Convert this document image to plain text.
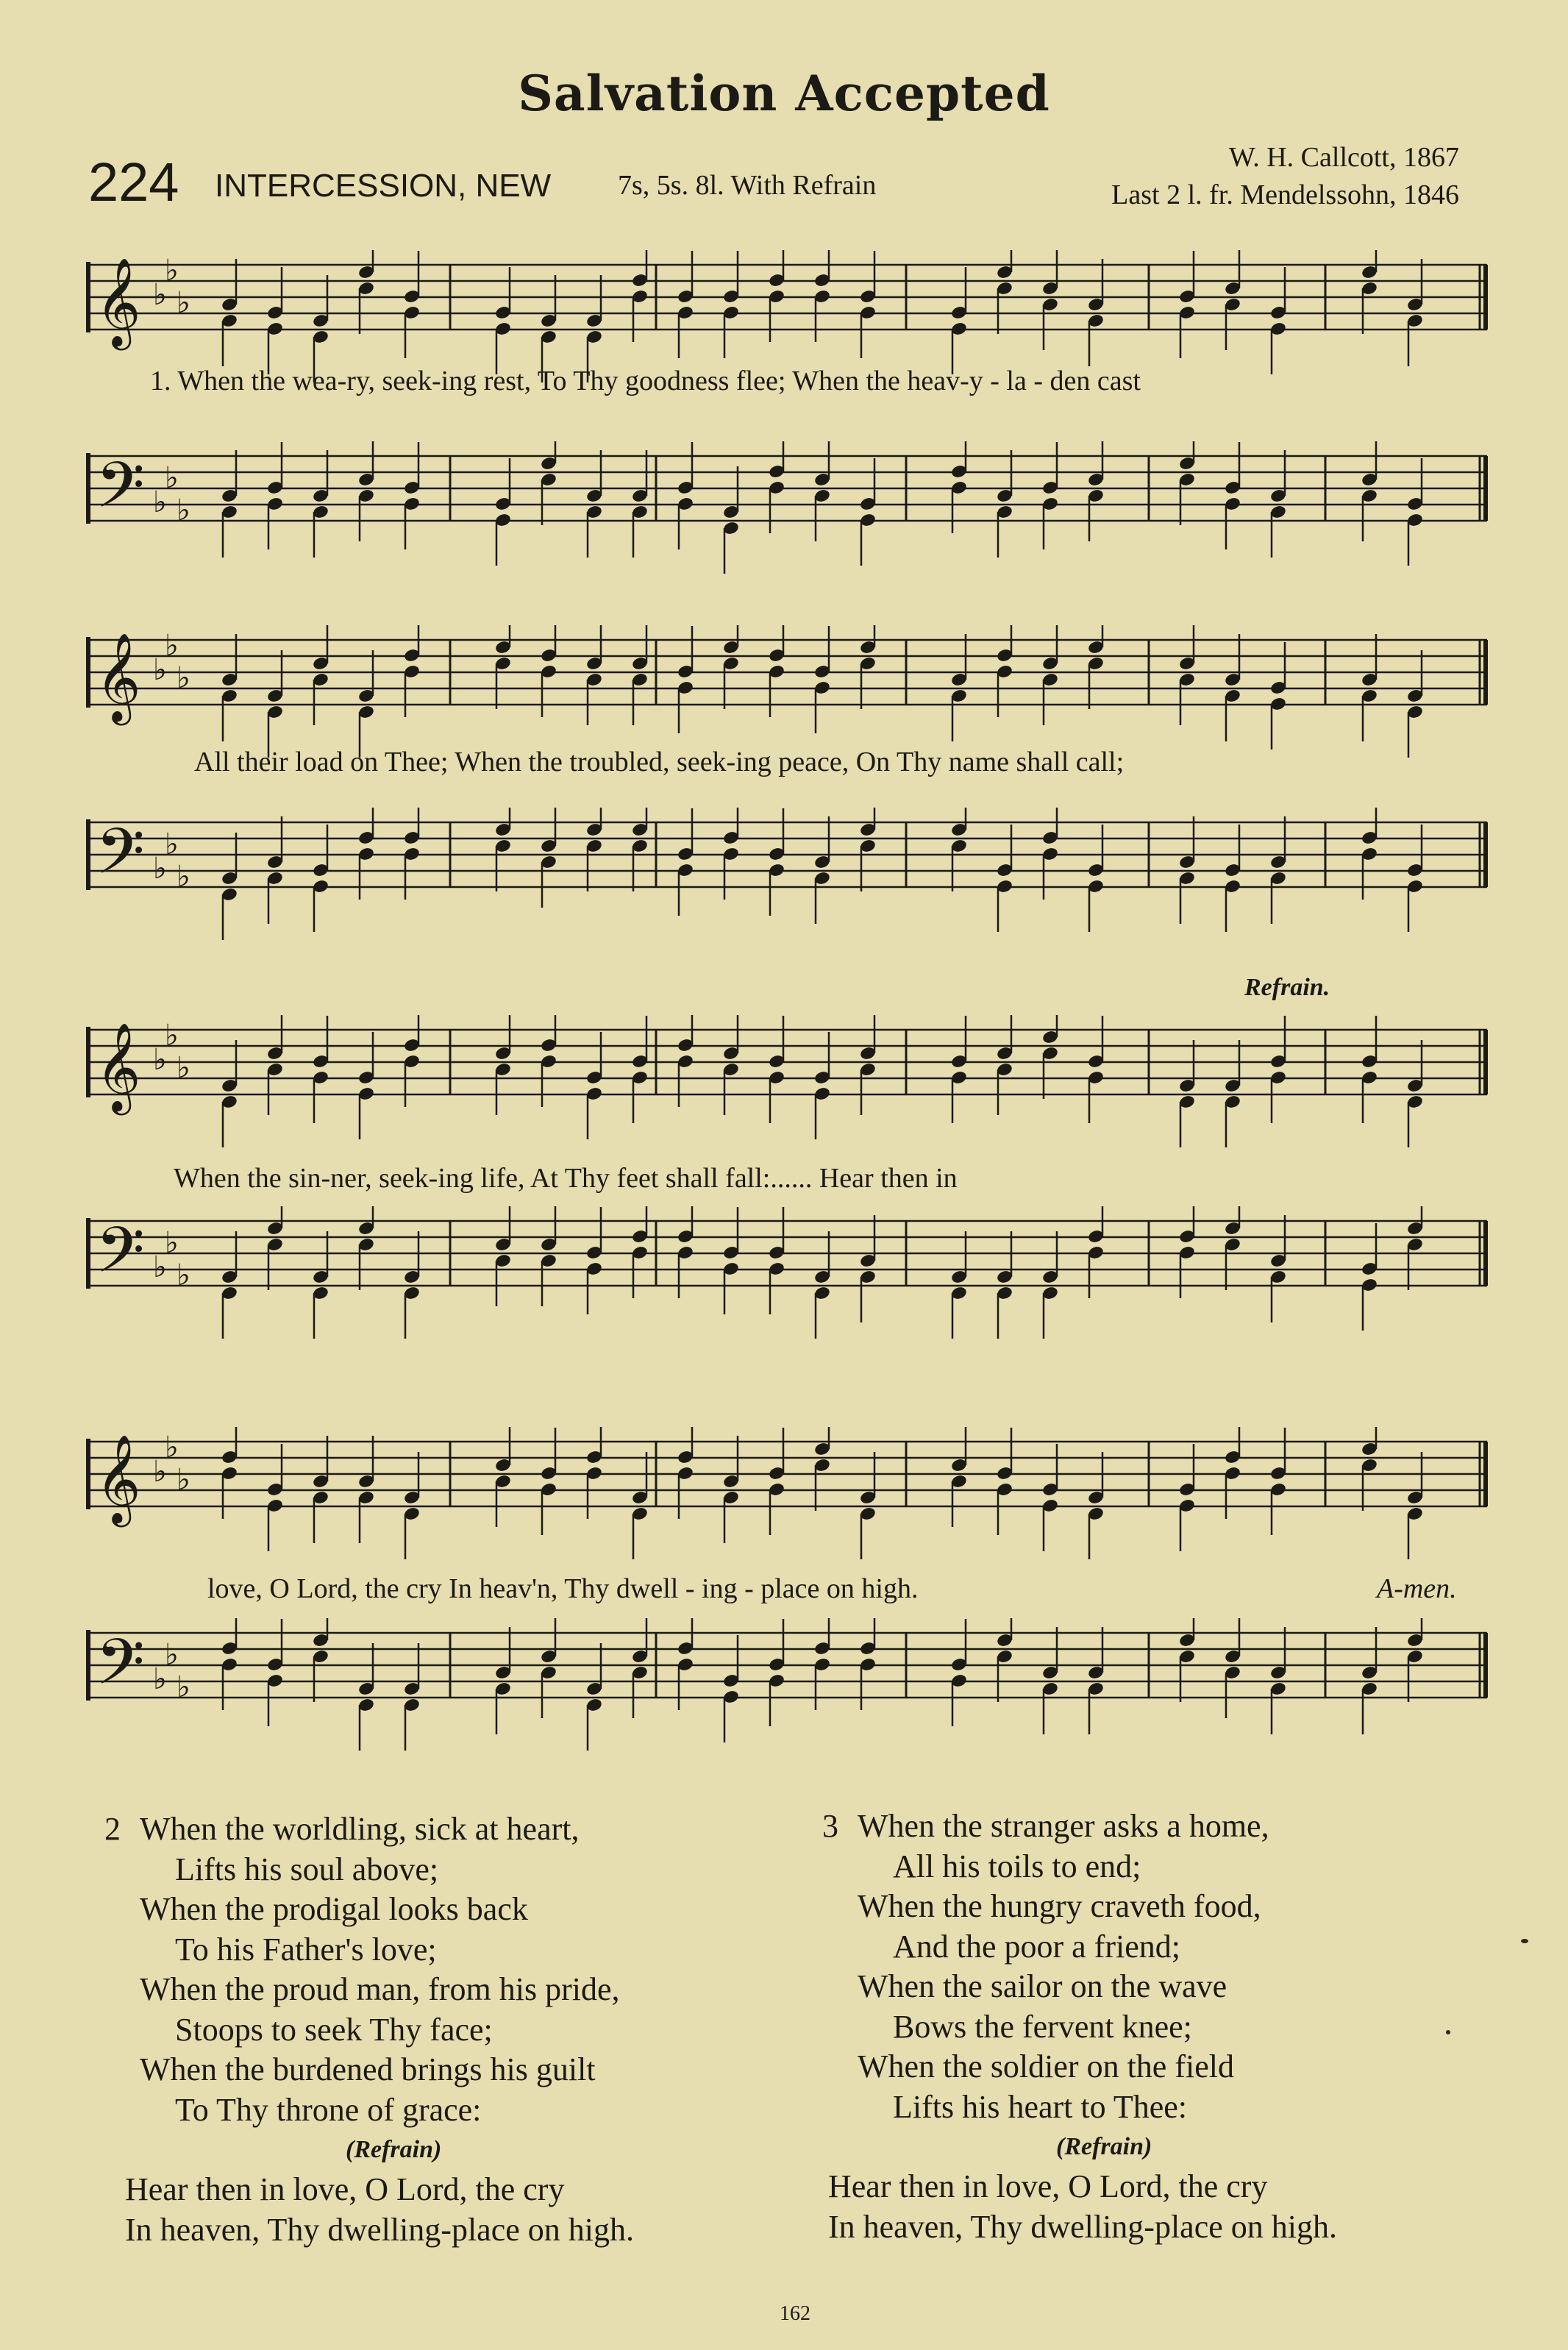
Salvation Accepted
224 INTERCESSION, NEW 7s, 5s. 8l. With Refrain
W. H. Callcott, 1867
Last 2 l. fr. Mendelssohn, 1846
𝄞 ♭
♭
♭
1. When the wea-ry, seek-ing rest, To Thy goodness flee; When the heav-y - la - den cast
𝄢 ♭
♭
♭
𝄞 ♭
♭
♭
All their load on Thee; When the troubled, seek-ing peace, On Thy name shall call;
𝄢 ♭
♭
♭
Refrain.
𝄞 ♭
♭
♭
When the sin-ner, seek-ing life, At Thy feet shall fall:...... Hear then in
𝄢 ♭
♭
♭
𝄞 ♭
♭
♭
love, O Lord, the cry In heav'n, Thy dwell - ing - place on high.	A-men.
𝄢 ♭
♭
♭
2 When the worldling, sick at heart,
Lifts his soul above;
When the prodigal looks back
To his Father's love;
When the proud man, from his pride,
Stoops to seek Thy face;
When the burdened brings his guilt
To Thy throne of grace:
(Refrain)
Hear then in love, O Lord, the cry
In heaven, Thy dwelling-place on high.
3 When the stranger asks a home,
All his toils to end;
When the hungry craveth food,
And the poor a friend;
When the sailor on the wave
Bows the fervent knee;
When the soldier on the field
Lifts his heart to Thee:
(Refrain)
Hear then in love, O Lord, the cry
In heaven, Thy dwelling-place on high.
162
